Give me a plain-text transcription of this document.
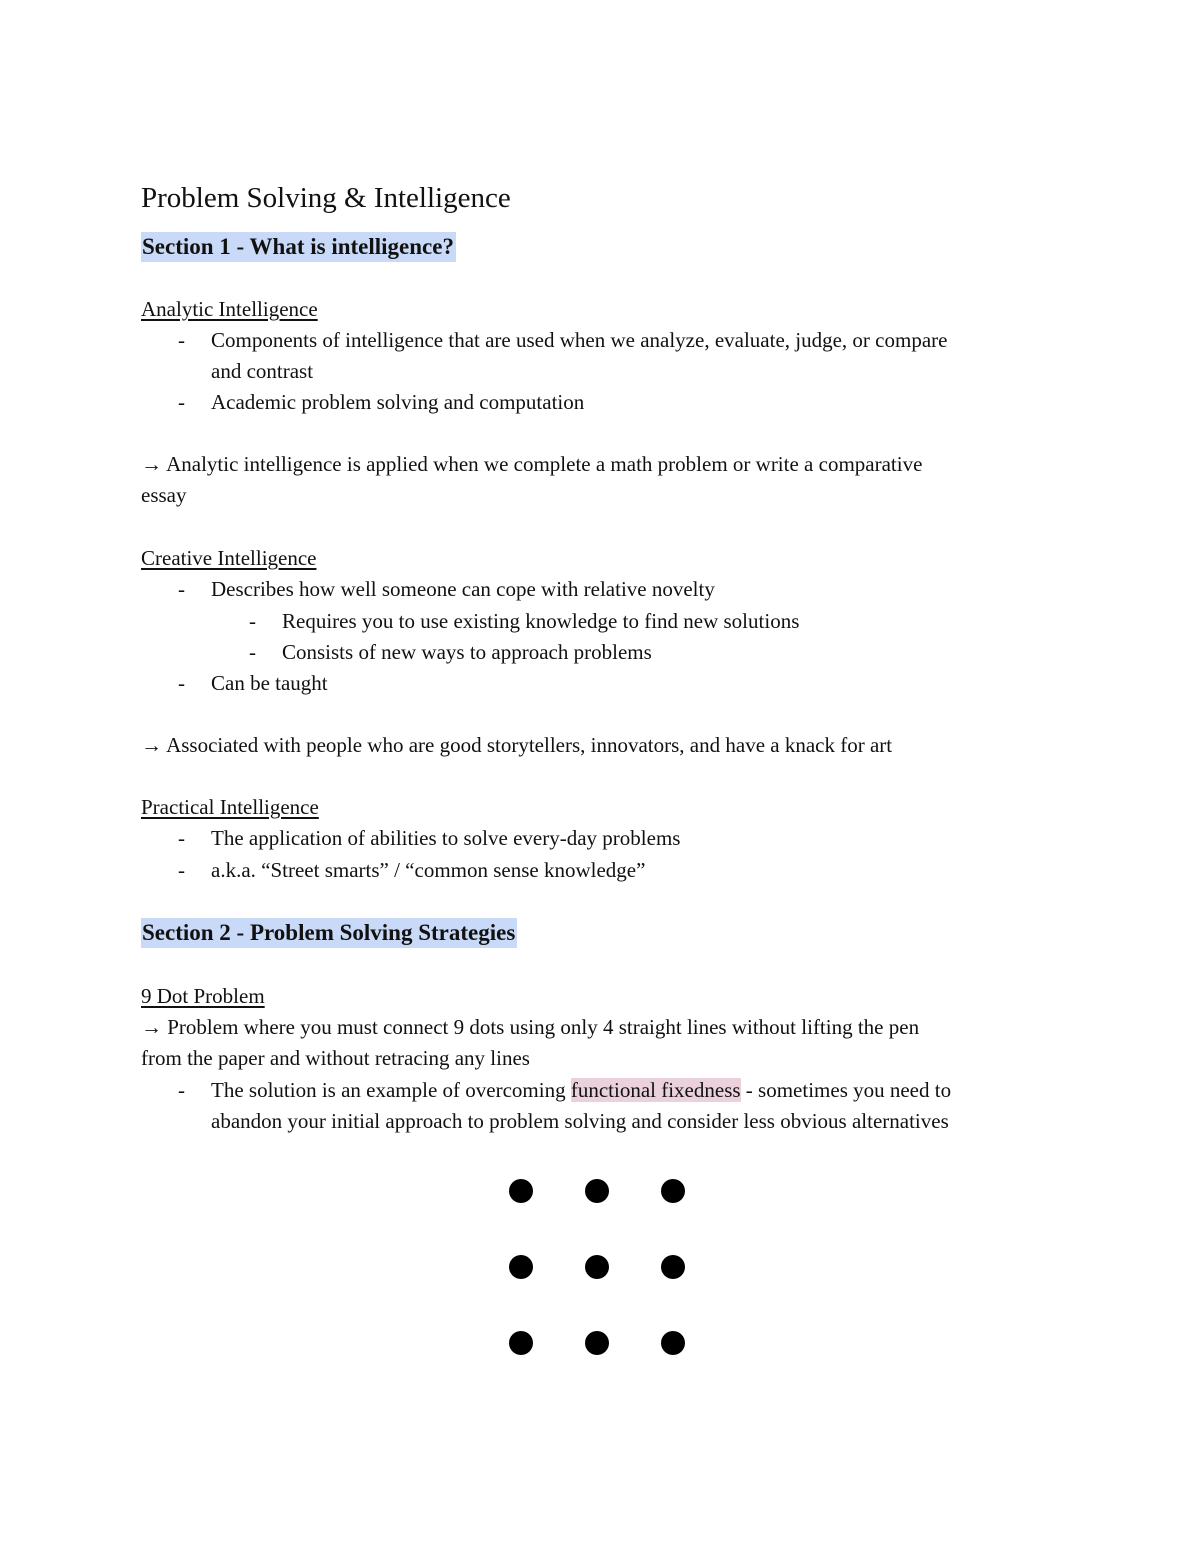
Problem Solving & Intelligence
Section 1 - What is intelligence?
Analytic Intelligence
- Components of intelligence that are used when we analyze, evaluate, judge, or compare
and contrast
- Academic problem solving and computation
→ Analytic intelligence is applied when we complete a math problem or write a comparative
essay
Creative Intelligence
- Describes how well someone can cope with relative novelty
- Requires you to use existing knowledge to find new solutions
- Consists of new ways to approach problems
- Can be taught
→ Associated with people who are good storytellers, innovators, and have a knack for art
Practical Intelligence
- The application of abilities to solve every-day problems
- a.k.a. “Street smarts” / “common sense knowledge”
Section 2 - Problem Solving Strategies
9 Dot Problem
→ Problem where you must connect 9 dots using only 4 straight lines without lifting the pen
from the paper and without retracing any lines
- The solution is an example of overcoming functional fixedness - sometimes you need to
abandon your initial approach to problem solving and consider less obvious alternatives
